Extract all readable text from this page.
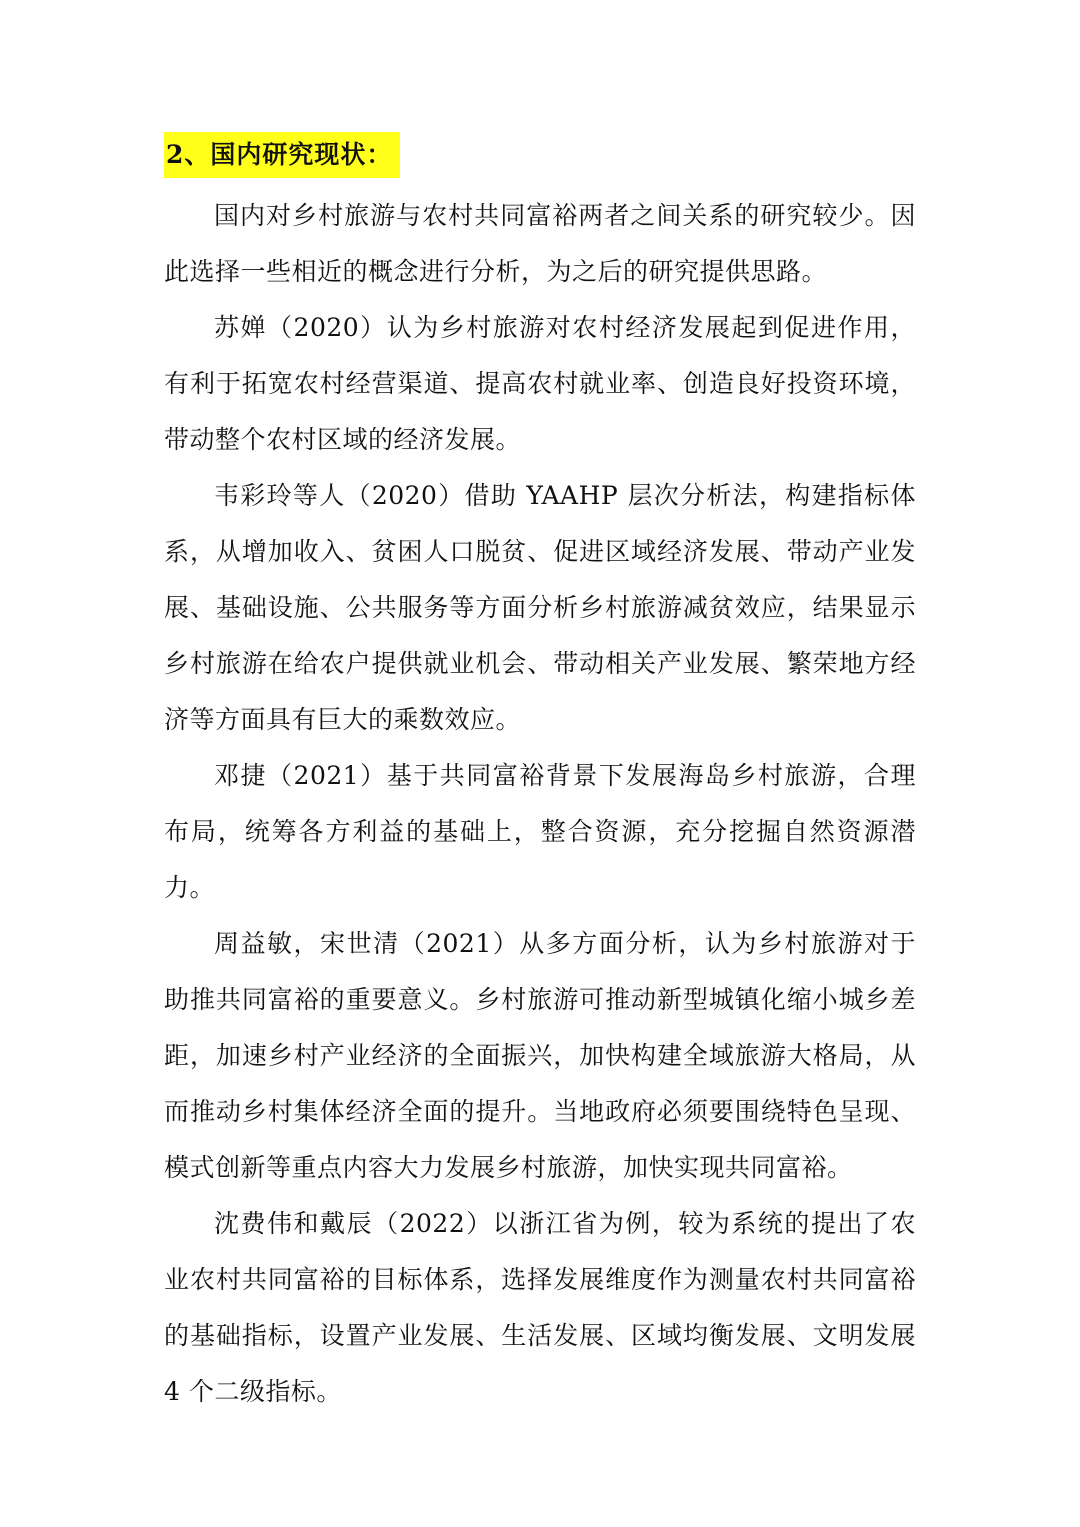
2、国内研究现状：

国内对乡村旅游与农村共同富裕两者之间关系的研究较少。因此选择一些相近的概念进行分析，为之后的研究提供思路。

苏婵（2020）认为乡村旅游对农村经济发展起到促进作用，有利于拓宽农村经营渠道、提高农村就业率、创造良好投资环境，带动整个农村区域的经济发展。

韦彩玲等人（2020）借助 YAAHP 层次分析法，构建指标体系，从增加收入、贫困人口脱贫、促进区域经济发展、带动产业发展、基础设施、公共服务等方面分析乡村旅游减贫效应，结果显示乡村旅游在给农户提供就业机会、带动相关产业发展、繁荣地方经济等方面具有巨大的乘数效应。

邓捷（2021）基于共同富裕背景下发展海岛乡村旅游，合理布局，统筹各方利益的基础上，整合资源，充分挖掘自然资源潜力。

周益敏，宋世清（2021）从多方面分析，认为乡村旅游对于助推共同富裕的重要意义。乡村旅游可推动新型城镇化缩小城乡差距，加速乡村产业经济的全面振兴，加快构建全域旅游大格局，从而推动乡村集体经济全面的提升。当地政府必须要围绕特色呈现、模式创新等重点内容大力发展乡村旅游，加快实现共同富裕。

沈费伟和戴辰（2022）以浙江省为例，较为系统的提出了农业农村共同富裕的目标体系，选择发展维度作为测量农村共同富裕的基础指标，设置产业发展、生活发展、区域均衡发展、文明发展 4 个二级指标。
